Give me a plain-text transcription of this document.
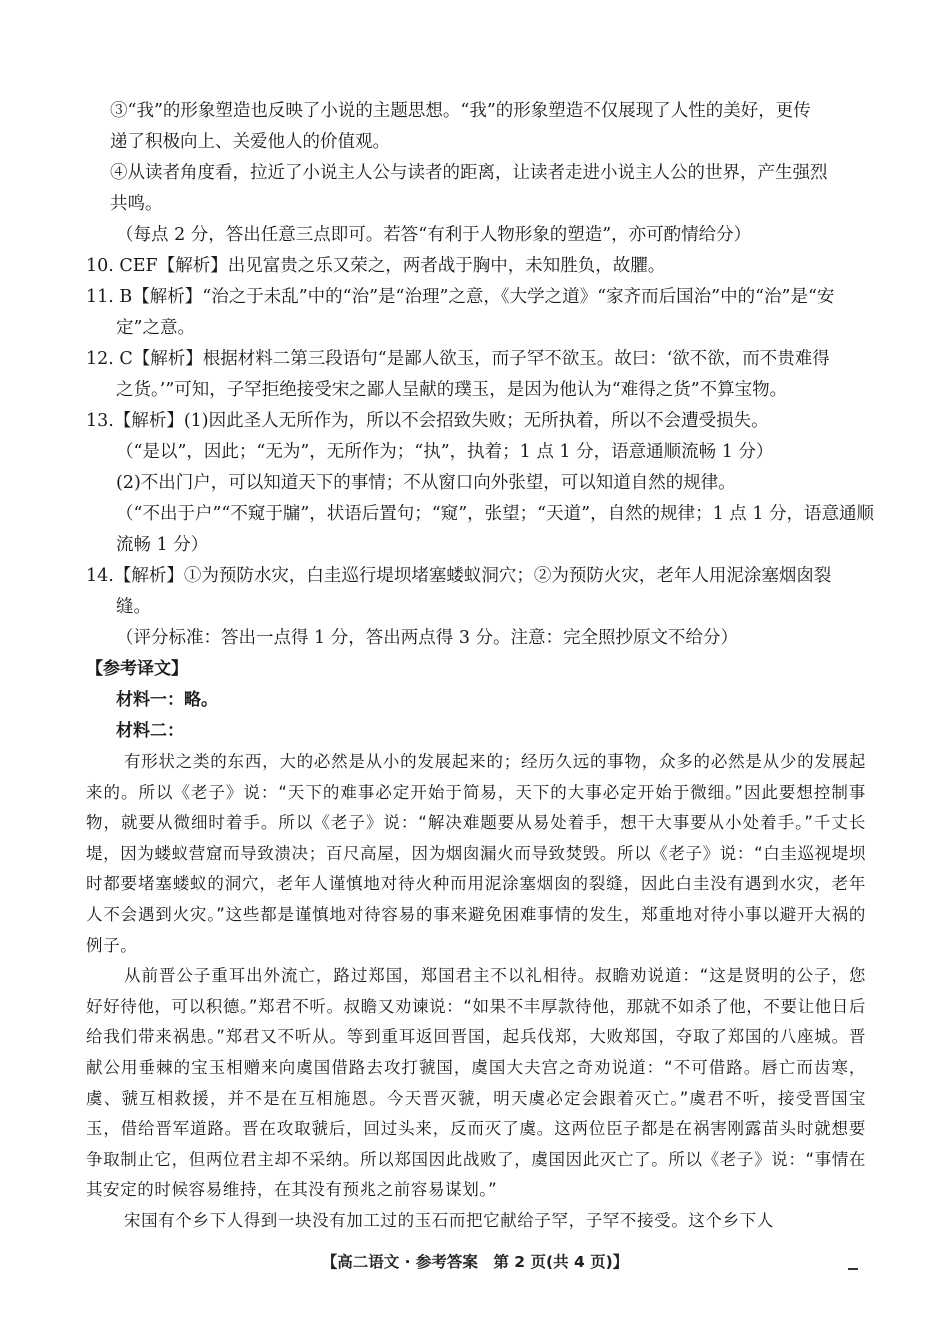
③“我”的形象塑造也反映了小说的主题思想。“我”的形象塑造不仅展现了人性的美好，更传

递了积极向上、关爱他人的价值观。

④从读者角度看，拉近了小说主人公与读者的距离，让读者走进小说主人公的世界，产生强烈

共鸣。

（每点 2 分，答出任意三点即可。若答“有利于人物形象的塑造”，亦可酌情给分）

10. CEF【解析】出见富贵之乐又荣之，两者战于胸中，未知胜负，故臞。

11. B【解析】“治之于未乱”中的“治”是“治理”之意，《大学之道》“家齐而后国治”中的“治”是“安

定”之意。

12. C【解析】根据材料二第三段语句“是鄙人欲玉，而子罕不欲玉。故曰：‘欲不欲，而不贵难得

之货。’”可知，子罕拒绝接受宋之鄙人呈献的璞玉，是因为他认为“难得之货”不算宝物。

13.【解析】(1)因此圣人无所作为，所以不会招致失败；无所执着，所以不会遭受损失。

（“是以”，因此；“无为”，无所作为；“执”，执着；1 点 1 分，语意通顺流畅 1 分）

(2)不出门户，可以知道天下的事情；不从窗口向外张望，可以知道自然的规律。

（“不出于户”“不窥于牖”，状语后置句；“窥”，张望；“天道”，自然的规律；1 点 1 分，语意通顺

流畅 1 分）

14.【解析】①为预防水灾，白圭巡行堤坝堵塞蝼蚁洞穴；②为预防火灾，老年人用泥涂塞烟囱裂

缝。

（评分标准：答出一点得 1 分，答出两点得 3 分。注意：完全照抄原文不给分）

【参考译文】

材料一：略。

材料二：

有形状之类的东西，大的必然是从小的发展起来的；经历久远的事物，众多的必然是从少的发展起来的。所以《老子》说：“天下的难事必定开始于简易，天下的大事必定开始于微细。”因此要想控制事物，就要从微细时着手。所以《老子》说：“解决难题要从易处着手，想干大事要从小处着手。”千丈长堤，因为蝼蚁营窟而导致溃决；百尺高屋，因为烟囱漏火而导致焚毁。所以《老子》说：“白圭巡视堤坝时都要堵塞蝼蚁的洞穴，老年人谨慎地对待火种而用泥涂塞烟囱的裂缝，因此白圭没有遇到水灾，老年人不会遇到火灾。”这些都是谨慎地对待容易的事来避免困难事情的发生，郑重地对待小事以避开大祸的例子。

从前晋公子重耳出外流亡，路过郑国，郑国君主不以礼相待。叔瞻劝说道：“这是贤明的公子，您好好待他，可以积德。”郑君不听。叔瞻又劝谏说：“如果不丰厚款待他，那就不如杀了他，不要让他日后给我们带来祸患。”郑君又不听从。等到重耳返回晋国，起兵伐郑，大败郑国，夺取了郑国的八座城。晋献公用垂棘的宝玉相赠来向虞国借路去攻打虢国，虞国大夫宫之奇劝说道：“不可借路。唇亡而齿寒，虞、虢互相救援，并不是在互相施恩。今天晋灭虢，明天虞必定会跟着灭亡。”虞君不听，接受晋国宝玉，借给晋军道路。晋在攻取虢后，回过头来，反而灭了虞。这两位臣子都是在祸害刚露苗头时就想要争取制止它，但两位君主却不采纳。所以郑国因此战败了，虞国因此灭亡了。所以《老子》说：“事情在其安定的时候容易维持，在其没有预兆之前容易谋划。”

宋国有个乡下人得到一块没有加工过的玉石而把它献给子罕，子罕不接受。这个乡下人

【高二语文 · 参考答案　第 2 页(共 4 页)】
